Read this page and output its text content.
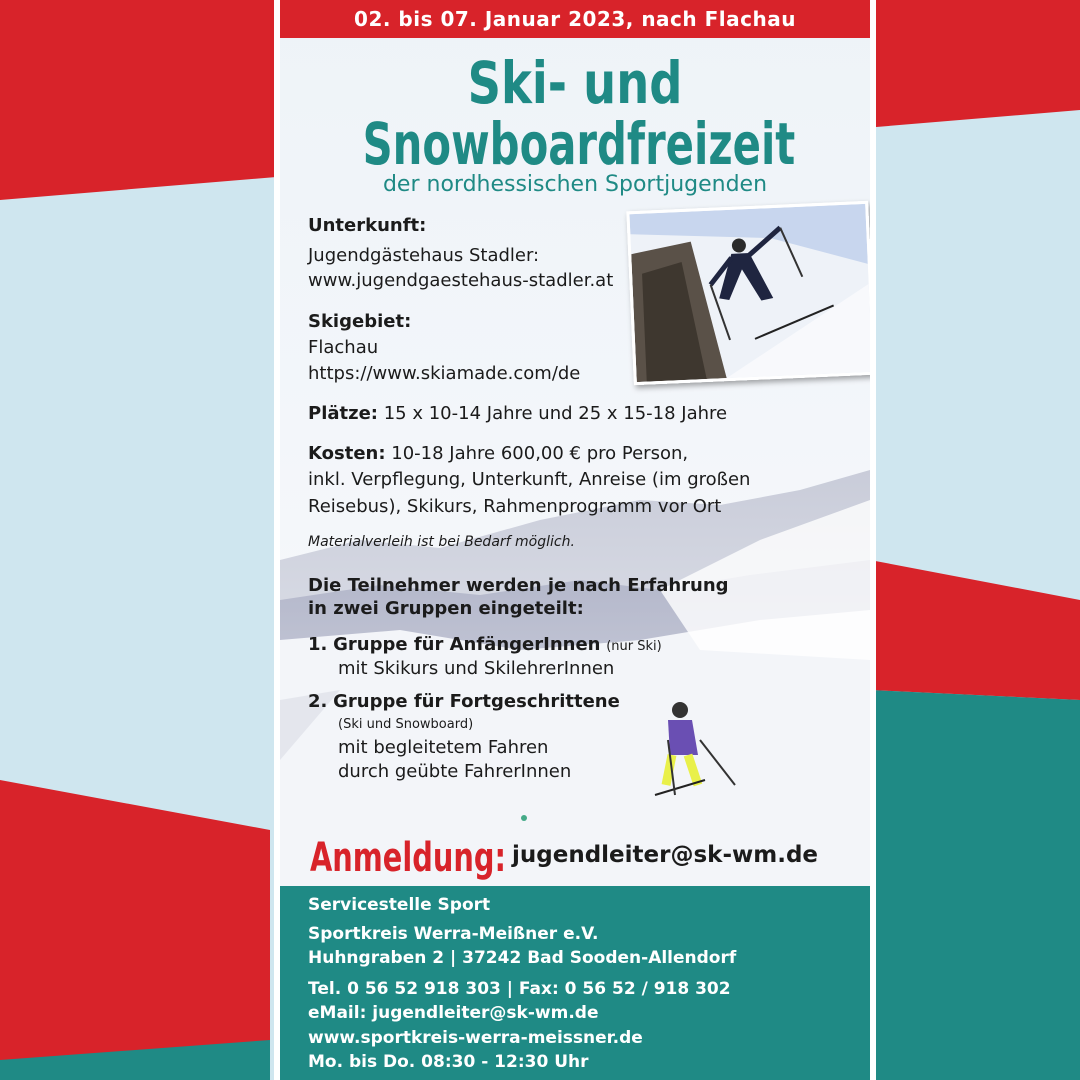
02. bis 07. Januar 2023, nach Flachau
Ski- und
Snowboardfreizeit
der nordhessischen Sportjugenden
Unterkunft:
Jugendgästehaus Stadler:
www.jugendgaestehaus-stadler.at
Skigebiet:
Flachau
https://www.skiamade.com/de
Plätze: 15 x 10-14 Jahre und 25 x 15-18 Jahre
Kosten: 10-18 Jahre 600,00 € pro Person,
inkl. Verpflegung, Unterkunft, Anreise (im großen
Reisebus), Skikurs, Rahmenprogramm vor Ort
Materialverleih ist bei Bedarf möglich.
Die Teilnehmer werden je nach Erfahrung
in zwei Gruppen eingeteilt:
1. Gruppe für AnfängerInnen (nur Ski)
mit Skikurs und SkilehrerInnen
2. Gruppe für Fortgeschrittene
(Ski und Snowboard)
mit begleitetem Fahren
durch geübte FahrerInnen
Anmeldung: jugendleiter@sk-wm.de
Servicestelle Sport
Sportkreis Werra-Meißner e.V.
Huhngraben 2 | 37242 Bad Sooden-Allendorf
Tel. 0 56 52 918 303 | Fax: 0 56 52 / 918 302
eMail: jugendleiter@sk-wm.de
www.sportkreis-werra-meissner.de
Mo. bis Do. 08:30 - 12:30 Uhr
